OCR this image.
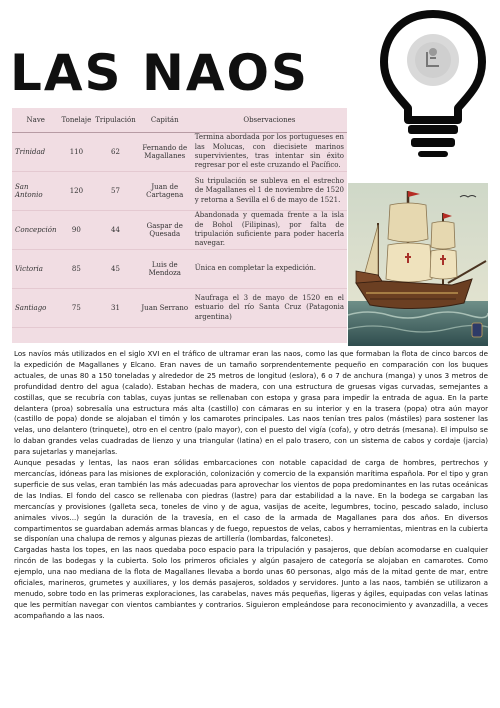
LAS NAOS
Nave	Tonelaje	Tripulación	Capitán	Observaciones
Trinidad	110	62	Fernando de Magallanes	Termina abordada por los portugueses en las Molucas, con diecisiete marinos supervivientes, tras intentar sin éxito regresar por el este cruzando el Pacífico.
San Antonio	120	57	Juan de Cartagena	Su tripulación se subleva en el estrecho de Magallanes el 1 de noviembre de 1520 y retorna a Sevilla el 6 de mayo de 1521.
Concepción	90	44	Gaspar de Quesada	Abandonada y quemada frente a la isla de Bohol (Filipinas), por falta de tripulación suficiente para poder hacerla navegar.
Victoria	85	45	Luis de Mendoza	Única en completar la expedición.
Santiago	75	31	Juan Serrano	Naufraga el 3 de mayo de 1520 en el estuario del río Santa Cruz (Patagonia argentina)

Los navíos más utilizados en el siglo XVI en el tráfico de ultramar eran las naos, como las que formaban la flota de cinco barcos de la expedición de Magallanes y Elcano. Eran naves de un tamaño sorprendentemente pequeño en comparación con los buques actuales, de unas 80 a 150 toneladas y alrededor de 25 metros de longitud (eslora), 6 o 7 de anchura (manga) y unos 3 metros de profundidad dentro del agua (calado). Estaban hechas de madera, con una estructura de gruesas vigas curvadas, semejantes a costillas, que se recubría con tablas, cuyas juntas se rellenaban con estopa y grasa para impedir la entrada de agua. En la parte delantera (proa) sobresalía una estructura más alta (castillo) con cámaras en su interior y en la trasera (popa) otra aún mayor (castillo de popa) donde se alojaban el timón y los camarotes principales. Las naos tenían tres palos (mástiles) para sostener las velas, uno delantero (trinquete), otro en el centro (palo mayor), con el puesto del vigía (cofa), y otro detrás (mesana). El impulso se lo daban grandes velas cuadradas de lienzo y una triangular (latina) en el palo trasero, con un sistema de cabos y cordaje (jarcia) para sujetarlas y manejarlas.

Aunque pesadas y lentas, las naos eran sólidas embarcaciones con notable capacidad de carga de hombres, pertrechos y mercancías, idóneas para las misiones de exploración, colonización y comercio de la expansión marítima española. Por el tipo y gran superficie de sus velas, eran también las más adecuadas para aprovechar los vientos de popa predominantes en las rutas oceánicas de las Indias. El fondo del casco se rellenaba con piedras (lastre) para dar estabilidad a la nave. En la bodega se cargaban las mercancías y provisiones (galleta seca, toneles de vino y de agua, vasijas de aceite, legumbres, tocino, pescado salado, incluso animales vivos...) según la duración de la travesía, en el caso de la armada de Magallanes para dos años. En diversos compartimentos se guardaban además armas blancas y de fuego, repuestos de velas, cabos y herramientas, mientras en la cubierta se disponían una chalupa de remos y algunas piezas de artillería (lombardas, falconetes).

Cargadas hasta los topes, en las naos quedaba poco espacio para la tripulación y pasajeros, que debían acomodarse en cualquier rincón de las bodegas y la cubierta. Solo los primeros oficiales y algún pasajero de categoría se alojaban en camarotes. Como ejemplo, una nao mediana de la flota de Magallanes llevaba a bordo unas 60 personas, algo más de la mitad gente de mar, entre oficiales, marineros, grumetes y auxiliares, y los demás pasajeros, soldados y servidores. Junto a las naos, también se utilizaron a menudo, sobre todo en las primeras exploraciones, las carabelas, naves más pequeñas, ligeras y ágiles, equipadas con velas latinas que les permitían navegar con vientos cambiantes y contrarios. Siguieron empleándose para reconocimiento y avanzadilla, a veces acompañando a las naos.
